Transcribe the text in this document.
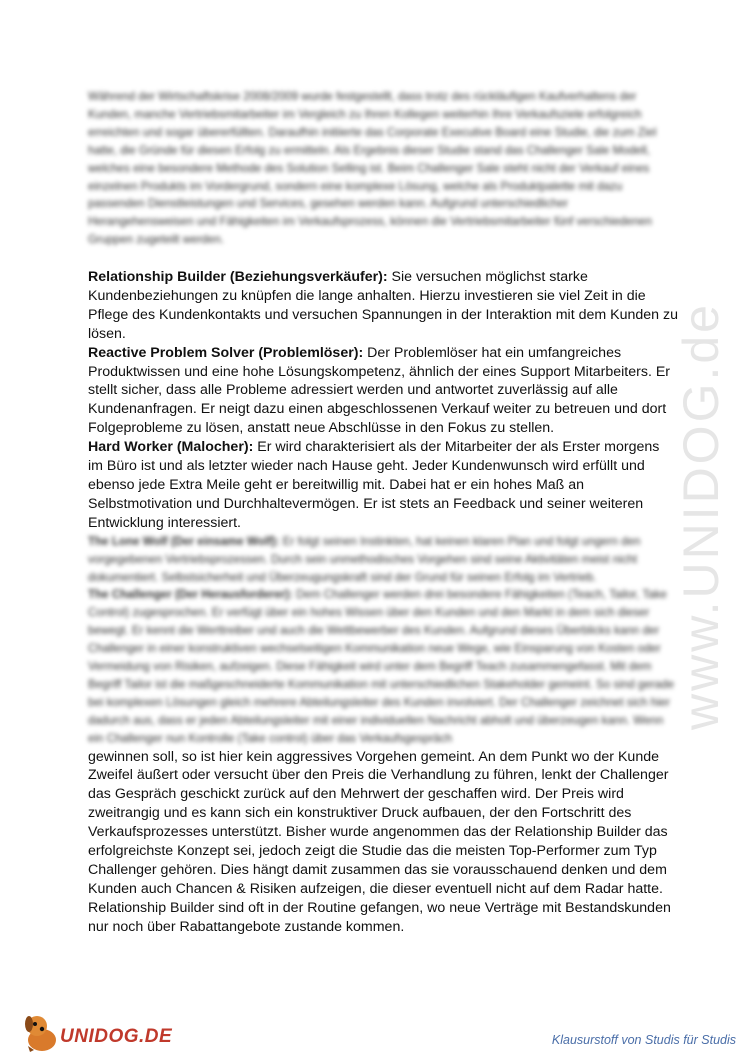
Während der Wirtschaftskrise 2008/2009 wurde festgestellt, dass trotz des rückläufigen Kaufverhaltens der Kunden, manche Vertriebsmitarbeiter im Vergleich zu Ihren Kollegen weiterhin Ihre Verkaufsziele erfolgreich erreichten und sogar übererfüllten. Daraufhin initiierte das Corporate Executive Board eine Studie, die zum Ziel hatte, die Gründe für diesen Erfolg zu ermitteln. Als Ergebnis dieser Studie stand das Challenger Sale Modell, welches eine besondere Methode des Solution Selling ist. Beim Challenger Sale steht nicht der Verkauf eines einzelnen Produkts im Vordergrund, sondern eine komplexe Lösung, welche als Produktpalette mit dazu passenden Dienstleistungen und Services, gesehen werden kann. Aufgrund unterschiedlicher Herangehensweisen und Fähigkeiten im Verkaufsprozess, können die Vertriebsmitarbeiter fünf verschiedenen Gruppen zugeteilt werden.

Relationship Builder (Beziehungsverkäufer): Sie versuchen möglichst starke Kundenbeziehungen zu knüpfen die lange anhalten. Hierzu investieren sie viel Zeit in die Pflege des Kundenkontakts und versuchen Spannungen in der Interaktion mit dem Kunden zu lösen.

Reactive Problem Solver (Problemlöser): Der Problemlöser hat ein umfangreiches Produktwissen und eine hohe Lösungskompetenz, ähnlich der eines Support Mitarbeiters. Er stellt sicher, dass alle Probleme adressiert werden und antwortet zuverlässig auf alle Kundenanfragen. Er neigt dazu einen abgeschlossenen Verkauf weiter zu betreuen und dort Folgeprobleme zu lösen, anstatt neue Abschlüsse in den Fokus zu stellen.

Hard Worker (Malocher): Er wird charakterisiert als der Mitarbeiter der als Erster morgens im Büro ist und als letzter wieder nach Hause geht. Jeder Kundenwunsch wird erfüllt und ebenso jede Extra Meile geht er bereitwillig mit. Dabei hat er ein hohes Maß an Selbstmotivation und Durchhaltevermögen. Er ist stets an Feedback und seiner weiteren Entwicklung interessiert.

The Lone Wolf (Der einsame Wolf): Er folgt seinen Instinkten, hat keinen klaren Plan und folgt ungern den vorgegebenen Vertriebsprozessen. Durch sein unmethodisches Vorgehen sind seine Aktivitäten meist nicht dokumentiert. Selbstsicherheit und Überzeugungskraft sind der Grund für seinen Erfolg im Vertrieb.

The Challenger (Der Herausforderer): Dem Challenger werden drei besondere Fähigkeiten (Teach, Tailor, Take Control) zugesprochen. Er verfügt über ein hohes Wissen über den Kunden und den Markt in dem sich dieser bewegt. Er kennt die Werttreiber und auch die Wettbewerber des Kunden. Aufgrund dieses Überblicks kann der Challenger in einer konstruktiven wechselseitigen Kommunikation neue Wege, wie Einsparung von Kosten oder Vermeidung von Risiken, aufzeigen. Diese Fähigkeit wird unter dem Begriff Teach zusammengefasst. Mit dem Begriff Tailor ist die maßgeschneiderte Kommunikation mit unterschiedlichen Stakeholder gemeint. So sind gerade bei komplexen Lösungen gleich mehrere Abteilungsleiter des Kunden involviert. Der Challenger zeichnet sich hier dadurch aus, dass er jeden Abteilungsleiter mit einer individuellen Nachricht abholt und überzeugen kann. Wenn ein Challenger nun Kontrolle (Take control) über das Verkaufsgespräch

gewinnen soll, so ist hier kein aggressives Vorgehen gemeint. An dem Punkt wo der Kunde Zweifel äußert oder versucht über den Preis die Verhandlung zu führen, lenkt der Challenger das Gespräch geschickt zurück auf den Mehrwert der geschaffen wird. Der Preis wird zweitrangig und es kann sich ein konstruktiver Druck aufbauen, der den Fortschritt des Verkaufsprozesses unterstützt. Bisher wurde angenommen das der Relationship Builder das erfolgreichste Konzept sei, jedoch zeigt die Studie das die meisten Top-Performer zum Typ Challenger gehören. Dies hängt damit zusammen das sie vorausschauend denken und dem Kunden auch Chancen & Risiken aufzeigen, die dieser eventuell nicht auf dem Radar hatte. Relationship Builder sind oft in der Routine gefangen, wo neue Verträge mit Bestandskunden nur noch über Rabattangebote zustande kommen.

www.UNIDOG.de
UNIDOG.DE	Klausurstoff von Studis für Studis
